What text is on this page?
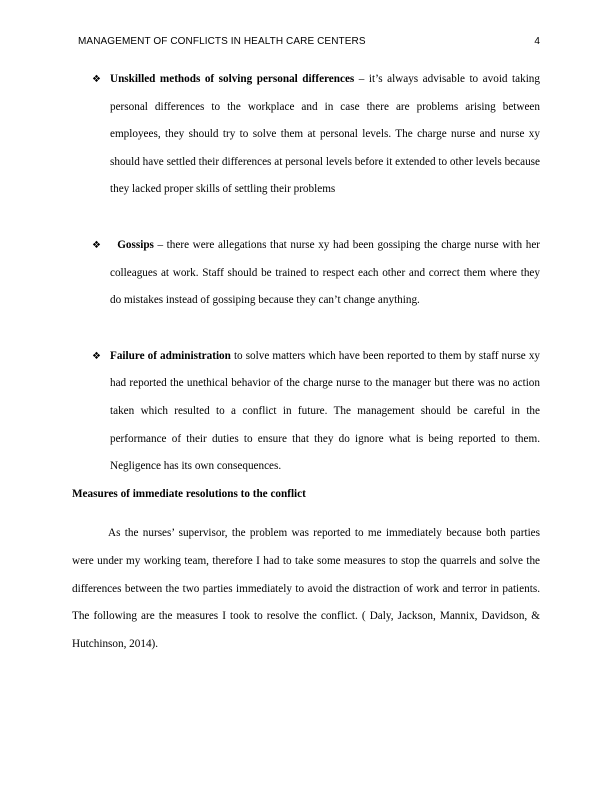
MANAGEMENT OF CONFLICTS IN HEALTH CARE CENTERS	4
❖ Unskilled methods of solving personal differences – it’s always advisable to avoid taking personal differences to the workplace and in case there are problems arising between employees, they should try to solve them at personal levels. The charge nurse and nurse xy should have settled their differences at personal levels before it extended to other levels because they lacked proper skills of settling their problems
❖ Gossips – there were allegations that nurse xy had been gossiping the charge nurse with her colleagues at work. Staff should be trained to respect each other and correct them where they do mistakes instead of gossiping because they can’t change anything.
❖ Failure of administration to solve matters which have been reported to them by staff nurse xy had reported the unethical behavior of the charge nurse to the manager but there was no action taken which resulted to a conflict in future. The management should be careful in the performance of their duties to ensure that they do ignore what is being reported to them. Negligence has its own consequences.
Measures of immediate resolutions to the conflict
As the nurses’ supervisor, the problem was reported to me immediately because both parties were under my working team, therefore I had to take some measures to stop the quarrels and solve the differences between the two parties immediately to avoid the distraction of work and terror in patients. The following are the measures I took to resolve the conflict. ( Daly, Jackson, Mannix, Davidson, & Hutchinson, 2014).
